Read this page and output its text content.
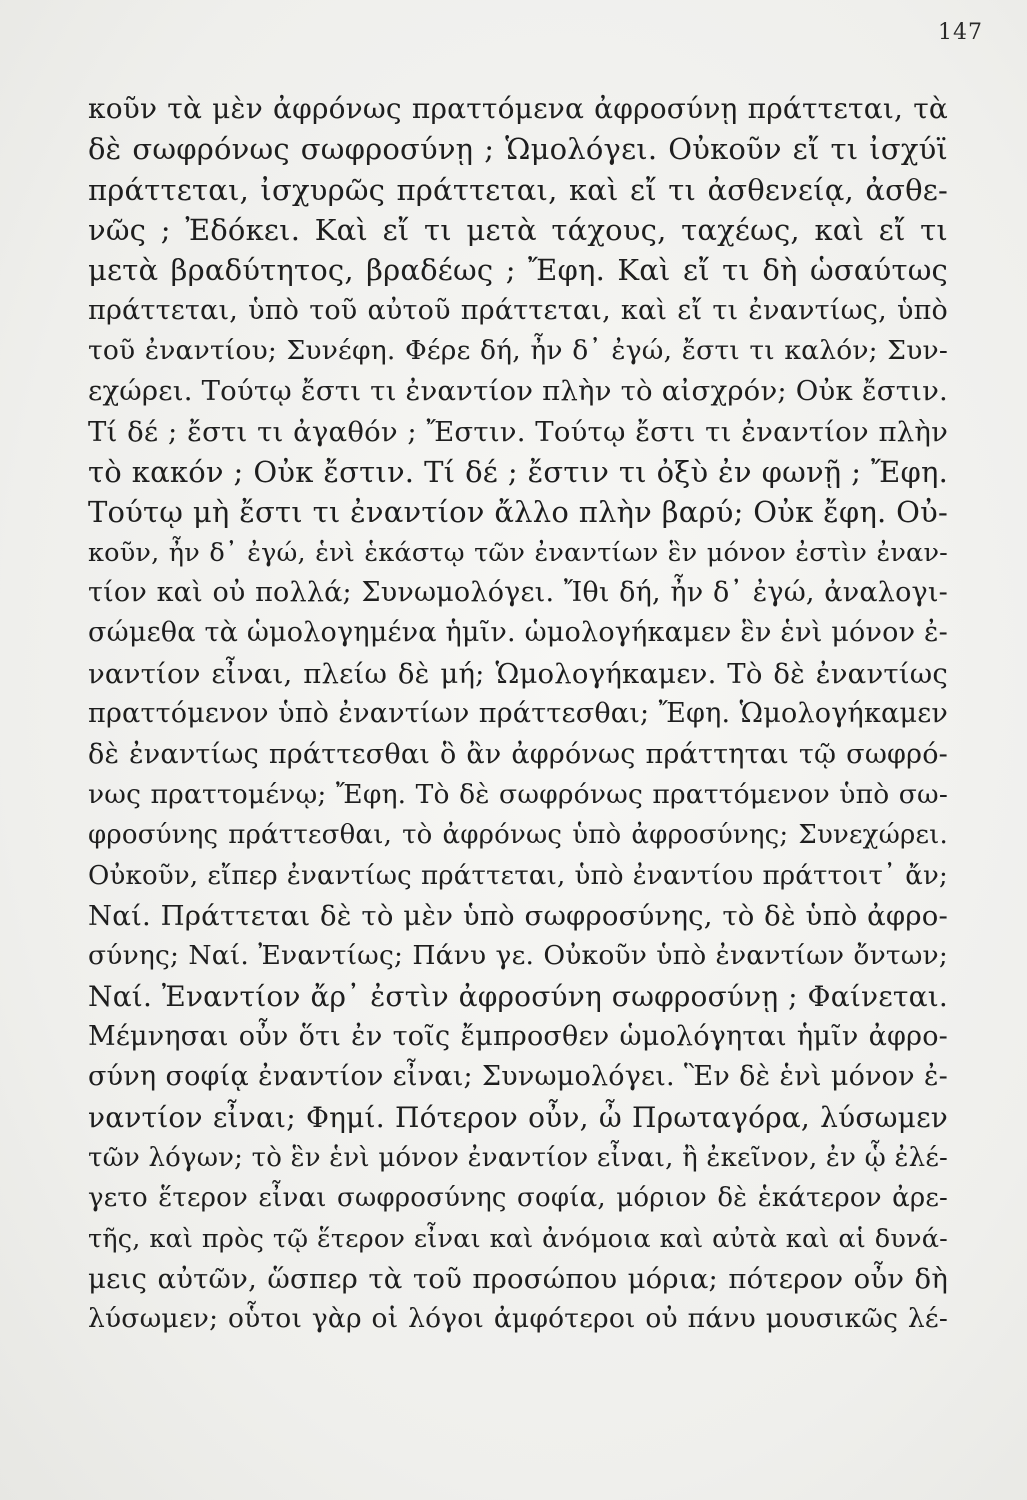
147
κοῦν τὰ μὲν ἀφρόνως πραττόμενα ἀφροσύνῃ πράττεται, τὰ
δὲ σωφρόνως σωφροσύνῃ ; Ὡμολόγει. Οὐκοῦν εἴ τι ἰσχύϊ
πράττεται, ἰσχυρῶς πράττεται, καὶ εἴ τι ἀσθενείᾳ, ἀσθε-
νῶς ; Ἐδόκει. Καὶ εἴ τι μετὰ τάχους, ταχέως, καὶ εἴ τι
μετὰ βραδύτητος, βραδέως ; Ἔφη. Καὶ εἴ τι δὴ ὡσαύτως
πράττεται, ὑπὸ τοῦ αὐτοῦ πράττεται, καὶ εἴ τι ἐναντίως, ὑπὸ
τοῦ ἐναντίου; Συνέφη. Φέρε δή, ἦν δ᾽ ἐγώ, ἔστι τι καλόν; Συν-
εχώρει. Τούτῳ ἔστι τι ἐναντίον πλὴν τὸ αἰσχρόν; Οὐκ ἔστιν.
Τί δέ ; ἔστι τι ἀγαθόν ; Ἔστιν. Τούτῳ ἔστι τι ἐναντίον πλὴν
τὸ κακόν ; Οὐκ ἔστιν. Τί δέ ; ἔστιν τι ὀξὺ ἐν φωνῇ ; Ἔφη.
Τούτῳ μὴ ἔστι τι ἐναντίον ἄλλο πλὴν βαρύ; Οὐκ ἔφη. Οὐ-
κοῦν, ἦν δ᾽ ἐγώ, ἑνὶ ἑκάστῳ τῶν ἐναντίων ἓν μόνον ἐστὶν ἐναν-
τίον καὶ οὐ πολλά; Συνωμολόγει. Ἴθι δή, ἦν δ᾽ ἐγώ, ἀναλογι-
σώμεθα τὰ ὡμολογημένα ἡμῖν. ὡμολογήκαμεν ἓν ἑνὶ μόνον ἐ-
ναντίον εἶναι, πλείω δὲ μή; Ὡμολογήκαμεν. Τὸ δὲ ἐναντίως
πραττόμενον ὑπὸ ἐναντίων πράττεσθαι; Ἔφη. Ὡμολογήκαμεν
δὲ ἐναντίως πράττεσθαι ὃ ἂν ἀφρόνως πράττηται τῷ σωφρό-
νως πραττομένῳ; Ἔφη. Τὸ δὲ σωφρόνως πραττόμενον ὑπὸ σω-
φροσύνης πράττεσθαι, τὸ ἀφρόνως ὑπὸ ἀφροσύνης; Συνεχώρει.
Οὐκοῦν, εἴπερ ἐναντίως πράττεται, ὑπὸ ἐναντίου πράττοιτ᾽ ἄν;
Ναί. Πράττεται δὲ τὸ μὲν ὑπὸ σωφροσύνης, τὸ δὲ ὑπὸ ἀφρο-
σύνης; Ναί. Ἐναντίως; Πάνυ γε. Οὐκοῦν ὑπὸ ἐναντίων ὄντων;
Ναί. Ἐναντίον ἄρ᾽ ἐστὶν ἀφροσύνη σωφροσύνῃ ; Φαίνεται.
Μέμνησαι οὖν ὅτι ἐν τοῖς ἔμπροσθεν ὡμολόγηται ἡμῖν ἀφρο-
σύνη σοφίᾳ ἐναντίον εἶναι; Συνωμολόγει. Ἓν δὲ ἑνὶ μόνον ἐ-
ναντίον εἶναι; Φημί. Πότερον οὖν, ὦ Πρωταγόρα, λύσωμεν
τῶν λόγων; τὸ ἓν ἑνὶ μόνον ἐναντίον εἶναι, ἢ ἐκεῖνον, ἐν ᾧ ἐλέ-
γετο ἕτερον εἶναι σωφροσύνης σοφία, μόριον δὲ ἑκάτερον ἀρε-
τῆς, καὶ πρὸς τῷ ἕτερον εἶναι καὶ ἀνόμοια καὶ αὐτὰ καὶ αἱ δυνά-
μεις αὐτῶν, ὥσπερ τὰ τοῦ προσώπου μόρια; πότερον οὖν δὴ
λύσωμεν; οὗτοι γὰρ οἱ λόγοι ἀμφότεροι οὐ πάνυ μουσικῶς λέ-
